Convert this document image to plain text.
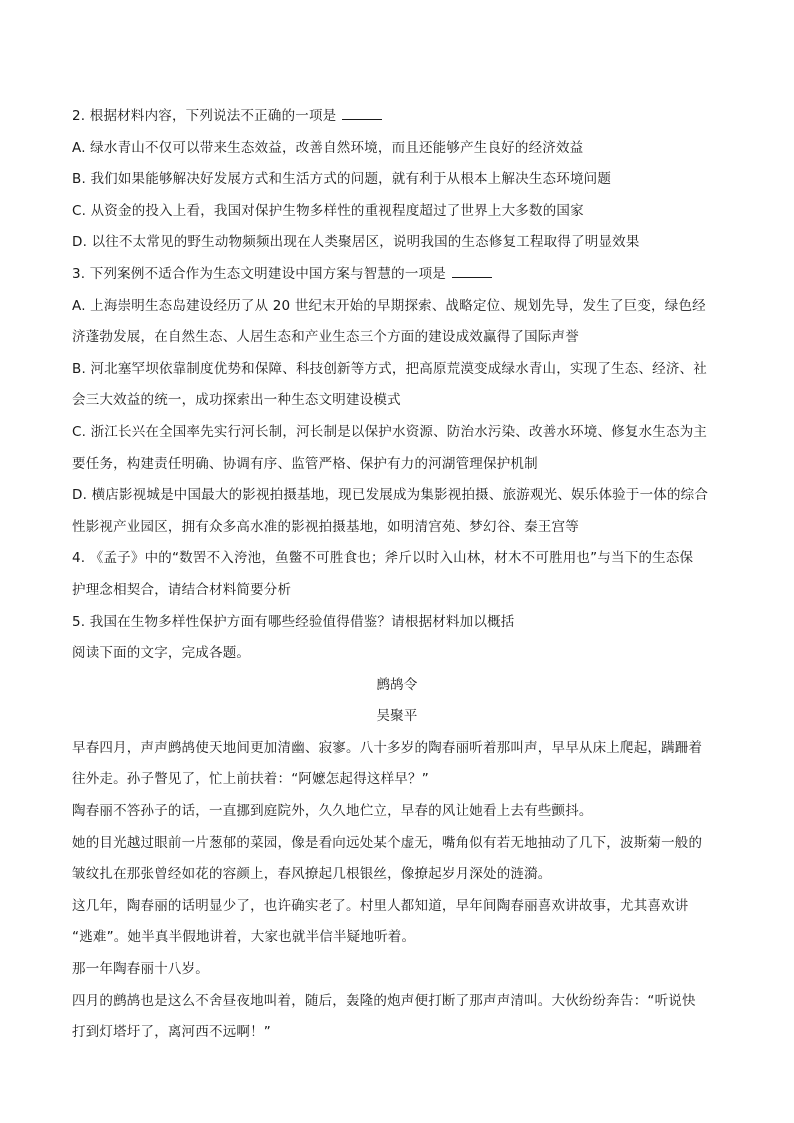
2. 根据材料内容，下列说法不正确的一项是
A. 绿水青山不仅可以带来生态效益，改善自然环境，而且还能够产生良好的经济效益
B. 我们如果能够解决好发展方式和生活方式的问题，就有利于从根本上解决生态环境问题
C. 从资金的投入上看，我国对保护生物多样性的重视程度超过了世界上大多数的国家
D. 以往不太常见的野生动物频频出现在人类聚居区，说明我国的生态修复工程取得了明显效果
3. 下列案例不适合作为生态文明建设中国方案与智慧的一项是
A. 上海崇明生态岛建设经历了从 20 世纪末开始的早期探索、战略定位、规划先导，发生了巨变，绿色经
济蓬勃发展，在自然生态、人居生态和产业生态三个方面的建设成效赢得了国际声誉
B. 河北塞罕坝依靠制度优势和保障、科技创新等方式，把高原荒漠变成绿水青山，实现了生态、经济、社
会三大效益的统一，成功探索出一种生态文明建设模式
C. 浙江长兴在全国率先实行河长制，河长制是以保护水资源、防治水污染、改善水环境、修复水生态为主
要任务，构建责任明确、协调有序、监管严格、保护有力的河湖管理保护机制
D. 横店影视城是中国最大的影视拍摄基地，现已发展成为集影视拍摄、旅游观光、娱乐体验于一体的综合
性影视产业园区，拥有众多高水准的影视拍摄基地，如明清宫苑、梦幻谷、秦王宫等
4. 《孟子》中的“数罟不入洿池，鱼鳖不可胜食也；斧斤以时入山林，材木不可胜用也”与当下的生态保
护理念相契合，请结合材料简要分析
5. 我国在生物多样性保护方面有哪些经验值得借鉴？请根据材料加以概括
阅读下面的文字，完成各题。
鹧鸪令
吴聚平
早春四月，声声鹧鸪使天地间更加清幽、寂寥。八十多岁的陶春丽听着那叫声，早早从床上爬起，蹒跚着
往外走。孙子瞥见了，忙上前扶着：“阿嬷怎起得这样早？”
陶春丽不答孙子的话，一直挪到庭院外，久久地伫立，早春的风让她看上去有些颤抖。
她的目光越过眼前一片葱郁的菜园，像是看向远处某个虚无，嘴角似有若无地抽动了几下，波斯菊一般的
皱纹扎在那张曾经如花的容颜上，春风撩起几根银丝，像撩起岁月深处的涟漪。
这几年，陶春丽的话明显少了，也许确实老了。村里人都知道，早年间陶春丽喜欢讲故事，尤其喜欢讲
“逃难”。她半真半假地讲着，大家也就半信半疑地听着。
那一年陶春丽十八岁。
四月的鹧鸪也是这么不舍昼夜地叫着，随后，轰隆的炮声便打断了那声声清叫。大伙纷纷奔告：“听说快
打到灯塔圩了，离河西不远啊！”
